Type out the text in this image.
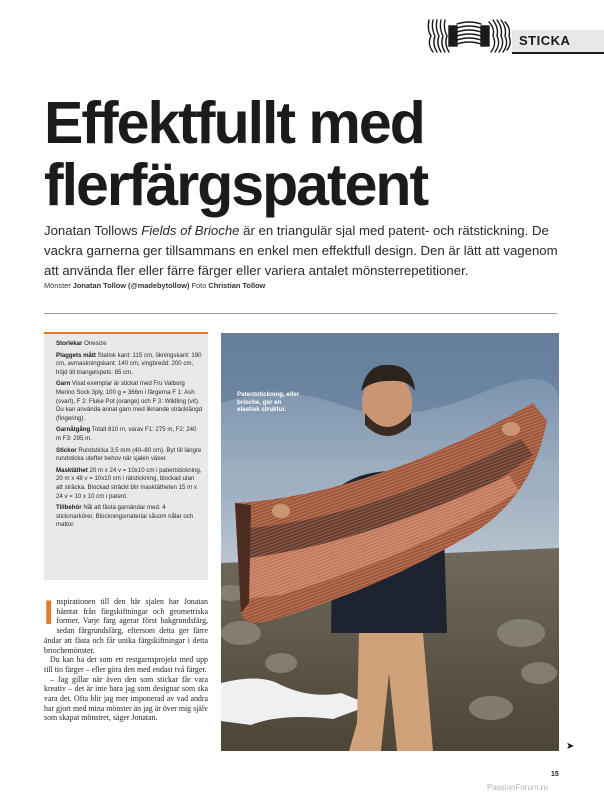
STICKA
Effektfullt med
flerfärgspatent

Jonatan Tollows Fields of Brioche är en triangulär sjal med patent- och rätstickning. De vackra garnerna ger tillsammans en enkel men effektfull design. Den är lätt att vagenom att använda fler eller färre färger eller variera antalet mönsterrepetitioner.

Mönster Jonatan Tollow (@madebytollow) Foto Christian Tollow

Storlekar Onesize

Plaggets mått Statisk kant: 115 cm, ökningskant: 190 cm, avmaskningskant: 140 cm, vingbredd: 200 cm, höjd till triangelspets: 85 cm.

Garn Visat exemplar är stickat med Fru Valborg Merino Sock 3ply, 100 g = 366m i färgerna F 1: Ash (svart), F 2: Fluke Pot (orange) och F 3: Wildling (vit). Du kan använda annat garn med liknande sträcklängd (fingering).

Garnåtgång Totalt 810 m, varav F1: 275 m, F2: 240 m F3: 295 m.

Stickor Rundsticka 3,5 mm (40–80 cm). Byt till längre rundsticka utefter behov när sjalen växer.

Masktäthet 20 m x 24 v = 10x10 cm i patentstickning, 20 m x 48 v = 10x10 cm i rätstickning, blockad utan att sträcka. Blockad sträckt blir masktätheten 15 m x 24 v = 10 x 10 cm i patent.

Tillbehör Nål att fästa garnändar med. 4 stickmarkörer. Blockningsmaterial såsom nålar och mattor.

Inspirationen till den här sjalen har Jonatan hämtat från färgskiftningar och geometriska former. Varje färg agerar först bakgrundsfärg, sedan färgrundsfärg, eftersom detta ger färre ändar att fästa och får unika färgskiftningar i detta briochemönster.

Du kan ha det som ett restgarnsprojekt med upp till tio färger – eller göra den med endast två färger.

– Jag gillar när även den som stickar får vara kreativ – det är inte bara jag som designar som ska vara det. Ofta blir jag mer imponerad av vad andra har gjort med mina mönster än jag är över mig själv som skapat mönstret, säger Jonatan.

Patentstickning, eller brioche, ger en elastisk struktur.
➤
15
PassionForum.ru
